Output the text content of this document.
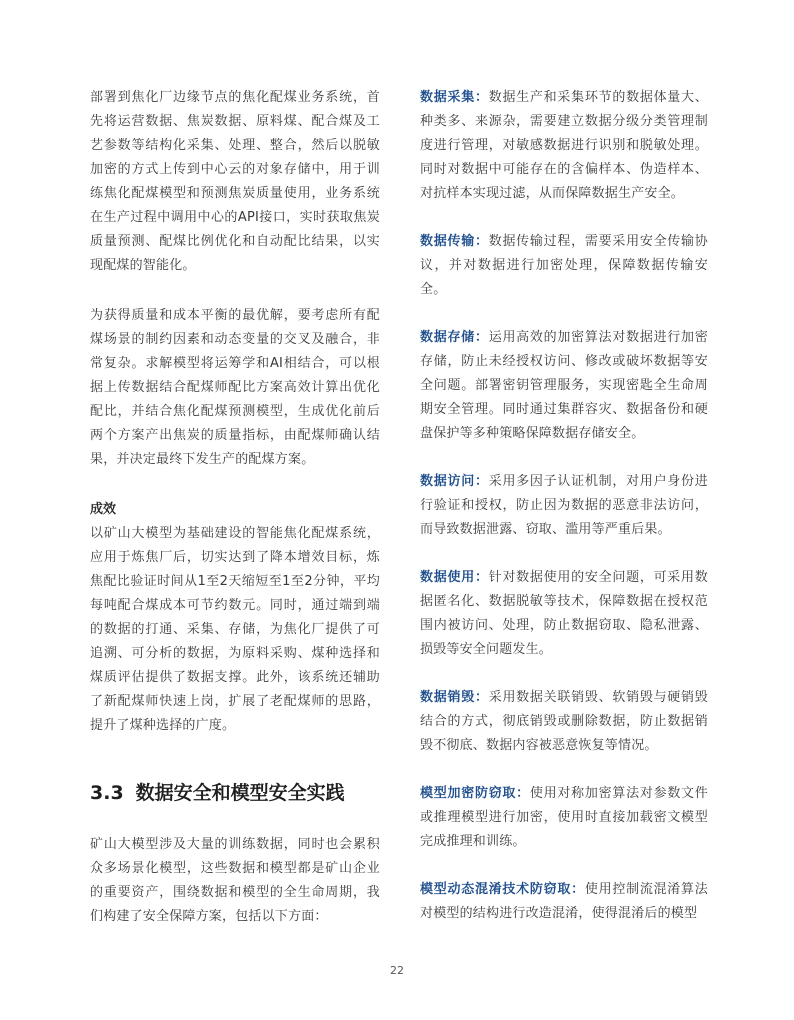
部署到焦化厂边缘节点的焦化配煤业务系统，首先将运营数据、焦炭数据、原料煤、配合煤及工艺参数等结构化采集、处理、整合，然后以脱敏加密的方式上传到中心云的对象存储中，用于训练焦化配煤模型和预测焦炭质量使用，业务系统在生产过程中调用中心的API接口，实时获取焦炭质量预测、配煤比例优化和自动配比结果，以实现配煤的智能化。

为获得质量和成本平衡的最优解，要考虑所有配煤场景的制约因素和动态变量的交叉及融合，非常复杂。求解模型将运筹学和AI相结合，可以根据上传数据结合配煤师配比方案高效计算出优化配比，并结合焦化配煤预测模型，生成优化前后两个方案产出焦炭的质量指标，由配煤师确认结果，并决定最终下发生产的配煤方案。

成效

以矿山大模型为基础建设的智能焦化配煤系统，应用于炼焦厂后，切实达到了降本增效目标，炼焦配比验证时间从1至2天缩短至1至2分钟，平均每吨配合煤成本可节约数元。同时，通过端到端的数据的打通、采集、存储，为焦化厂提供了可追溯、可分析的数据，为原料采购、煤种选择和煤质评估提供了数据支撑。此外，该系统还辅助了新配煤师快速上岗，扩展了老配煤师的思路，提升了煤种选择的广度。

3.3 数据安全和模型安全实践

矿山大模型涉及大量的训练数据，同时也会累积众多场景化模型，这些数据和模型都是矿山企业的重要资产，围绕数据和模型的全生命周期，我们构建了安全保障方案，包括以下方面：

数据采集：数据生产和采集环节的数据体量大、种类多、来源杂，需要建立数据分级分类管理制度进行管理，对敏感数据进行识别和脱敏处理。同时对数据中可能存在的含偏样本、伪造样本、对抗样本实现过滤，从而保障数据生产安全。

数据传输：数据传输过程，需要采用安全传输协议，并对数据进行加密处理，保障数据传输安全。

数据存储：运用高效的加密算法对数据进行加密存储，防止未经授权访问、修改或破坏数据等安全问题。部署密钥管理服务，实现密匙全生命周期安全管理。同时通过集群容灾、数据备份和硬盘保护等多种策略保障数据存储安全。

数据访问：采用多因子认证机制，对用户身份进行验证和授权，防止因为数据的恶意非法访问，而导致数据泄露、窃取、滥用等严重后果。

数据使用：针对数据使用的安全问题，可采用数据匿名化、数据脱敏等技术，保障数据在授权范围内被访问、处理，防止数据窃取、隐私泄露、损毁等安全问题发生。

数据销毁：采用数据关联销毁、软销毁与硬销毁结合的方式，彻底销毁或删除数据，防止数据销毁不彻底、数据内容被恶意恢复等情况。

模型加密防窃取：使用对称加密算法对参数文件或推理模型进行加密，使用时直接加载密文模型完成推理和训练。

模型动态混淆技术防窃取：使用控制流混淆算法对模型的结构进行改造混淆，使得混淆后的模型

22
